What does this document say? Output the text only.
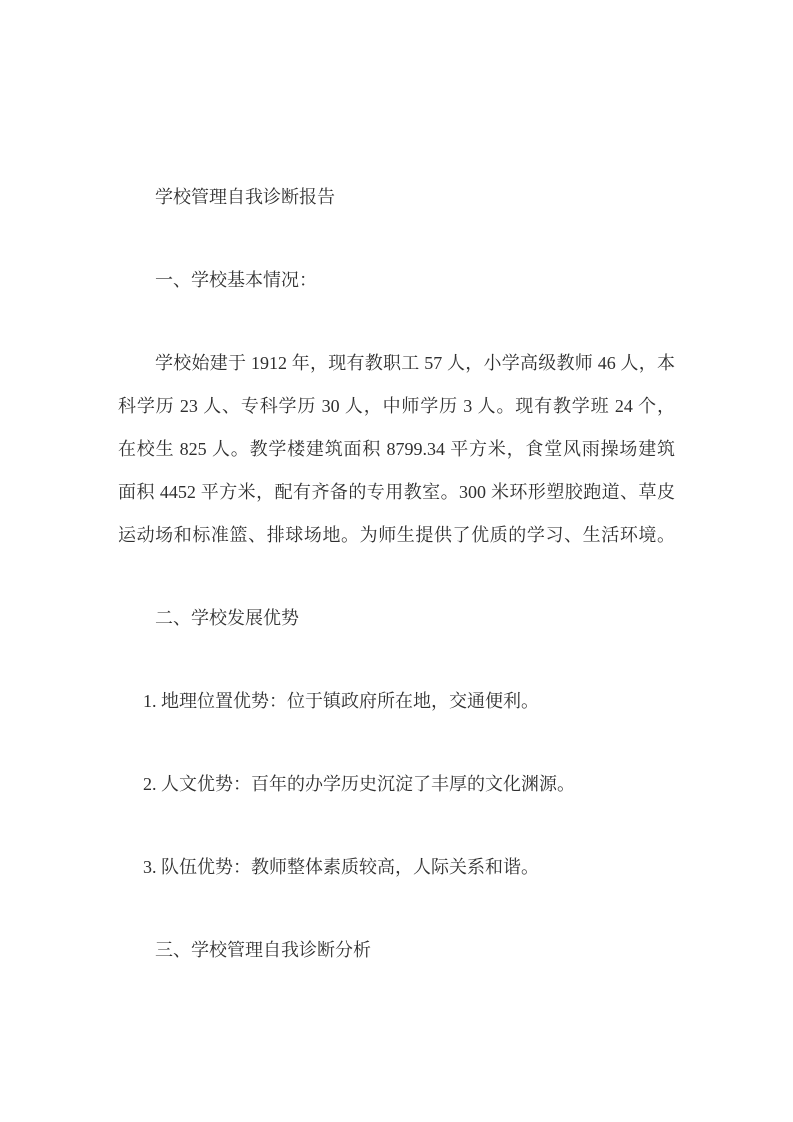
学校管理自我诊断报告
一、学校基本情况：
学校始建于 1912 年，现有教职工 57 人，小学高级教师 46 人，本
科学历 23 人、专科学历 30 人，中师学历 3 人。现有教学班 24 个，
在校生 825 人。教学楼建筑面积 8799.34 平方米，食堂风雨操场建筑
面积 4452 平方米，配有齐备的专用教室。300 米环形塑胶跑道、草皮
运动场和标准篮、排球场地。为师生提供了优质的学习、生活环境。
二、学校发展优势
1. 地理位置优势：位于镇政府所在地，交通便利。
2. 人文优势：百年的办学历史沉淀了丰厚的文化渊源。
3. 队伍优势：教师整体素质较高，人际关系和谐。
三、学校管理自我诊断分析
